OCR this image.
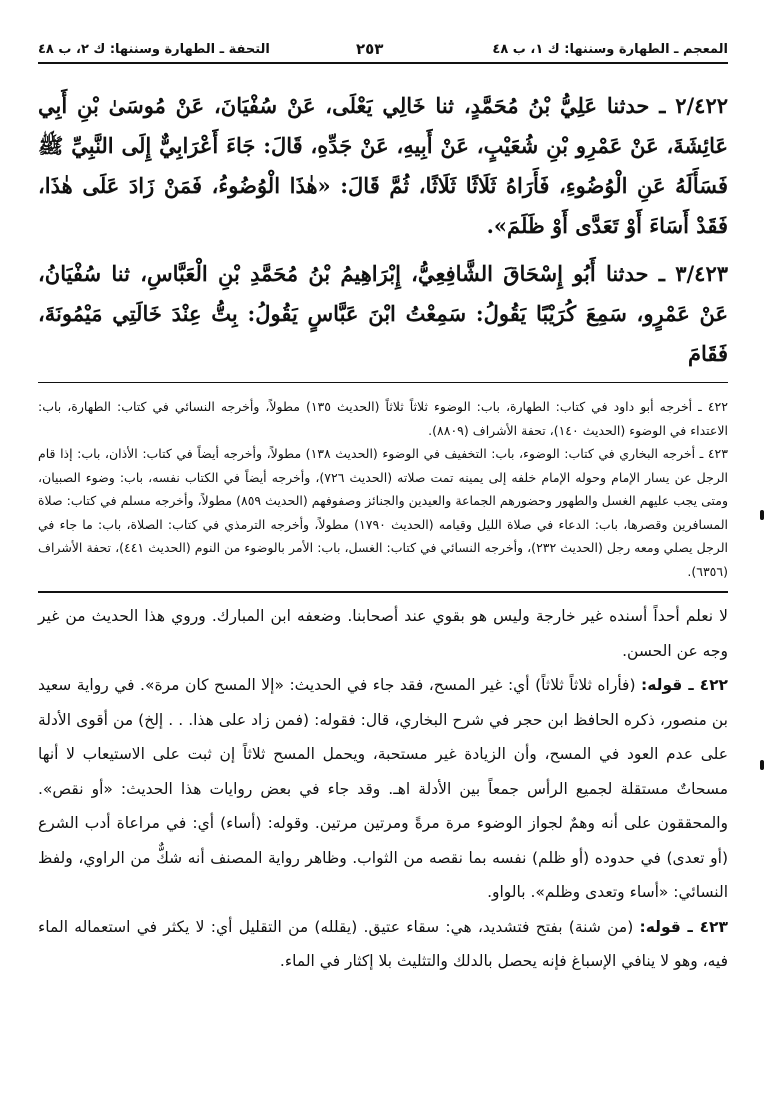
المعجم ـ الطهارة وسننها: ك ١، ب ٤٨
٢٥٣
التحفة ـ الطهارة وسننها: ك ٢، ب ٤٨

٢/٤٢٢ ـ حدثنا عَلِيُّ بْنُ مُحَمَّدٍ، ثنا خَالِي يَعْلَى، عَنْ سُفْيَانَ، عَنْ مُوسَىٰ بْنِ أَبِي عَائِشَةَ، عَنْ عَمْرِو بْنِ شُعَيْبٍ، عَنْ أَبِيهِ، عَنْ جَدِّهِ، قَالَ: جَاءَ أَعْرَابِيٌّ إِلَى النَّبِيِّ ﷺ فَسَأَلَهُ عَنِ الْوُضُوءِ، فَأَرَاهُ ثَلَاثًا ثَلَاثًا، ثُمَّ قَالَ: «هٰذَا الْوُضُوءُ، فَمَنْ زَادَ عَلَى هٰذَا، فَقَدْ أَسَاءَ أَوْ تَعَدَّى أَوْ ظَلَمَ».

٣/٤٢٣ ـ حدثنا أَبُو إِسْحَاقَ الشَّافِعِيُّ، إِبْرَاهِيمُ بْنُ مُحَمَّدِ بْنِ الْعَبَّاسِ، ثنا سُفْيَانُ، عَنْ عَمْرٍو، سَمِعَ كُرَيْبًا يَقُولُ: سَمِعْتُ ابْنَ عَبَّاسٍ يَقُولُ: بِتُّ عِنْدَ خَالَتِي مَيْمُونَةَ، فَقَامَ

٤٢٢ ـ أخرجه أبو داود في كتاب: الطهارة، باب: الوضوء ثلاثاً ثلاثاً (الحديث ١٣٥) مطولاً، وأخرجه النسائي في كتاب: الطهارة، باب: الاعتداء في الوضوء (الحديث ١٤٠)، تحفة الأشراف (٨٨٠٩).

٤٢٣ ـ أخرجه البخاري في كتاب: الوضوء، باب: التخفيف في الوضوء (الحديث ١٣٨) مطولاً، وأخرجه أيضاً في كتاب: الأذان، باب: إذا قام الرجل عن يسار الإمام وحوله الإمام خلفه إلى يمينه تمت صلاته (الحديث ٧٢٦)، وأخرجه أيضاً في الكتاب نفسه، باب: وضوء الصبيان، ومتى يجب عليهم الغسل والطهور وحضورهم الجماعة والعيدين والجنائز وصفوفهم (الحديث ٨٥٩) مطولاً، وأخرجه مسلم في كتاب: صلاة المسافرين وقصرها، باب: الدعاء في صلاة الليل وقيامه (الحديث ١٧٩٠) مطولاً، وأخرجه الترمذي في كتاب: الصلاة، باب: ما جاء في الرجل يصلي ومعه رجل (الحديث ٢٣٢)، وأخرجه النسائي في كتاب: الغسل، باب: الأمر بالوضوء من النوم (الحديث ٤٤١)، تحفة الأشراف (٦٣٥٦).

لا نعلم أحداً أسنده غير خارجة وليس هو بقوي عند أصحابنا. وضعفه ابن المبارك. وروي هذا الحديث من غير وجه عن الحسن.

٤٢٢ ـ قوله: (فأراه ثلاثاً ثلاثاً) أي: غير المسح، فقد جاء في الحديث: «إلا المسح كان مرة». في رواية سعيد بن منصور، ذكره الحافظ ابن حجر في شرح البخاري، قال: فقوله: (فمن زاد على هذا. . . إلخ) من أقوى الأدلة على عدم العود في المسح، وأن الزيادة غير مستحبة، ويحمل المسح ثلاثاً إن ثبت على الاستيعاب لا أنها مسحاتٌ مستقلة لجميع الرأس جمعاً بين الأدلة اهـ. وقد جاء في بعض روايات هذا الحديث: «أو نقص». والمحققون على أنه وهمٌ لجواز الوضوء مرة مرةً ومرتين مرتين. وقوله: (أساء) أي: في مراعاة أدب الشرع (أو تعدى) في حدوده (أو ظلم) نفسه بما نقصه من الثواب. وظاهر رواية المصنف أنه شكٌّ من الراوي، ولفظ النسائي: «أساء وتعدى وظلم». بالواو.

٤٢٣ ـ قوله: (من شنة) بفتح فتشديد، هي: سقاء عتيق. (يقلله) من التقليل أي: لا يكثر في استعماله الماء فيه، وهو لا ينافي الإسباغ فإنه يحصل بالدلك والتثليث بلا إكثار في الماء.
